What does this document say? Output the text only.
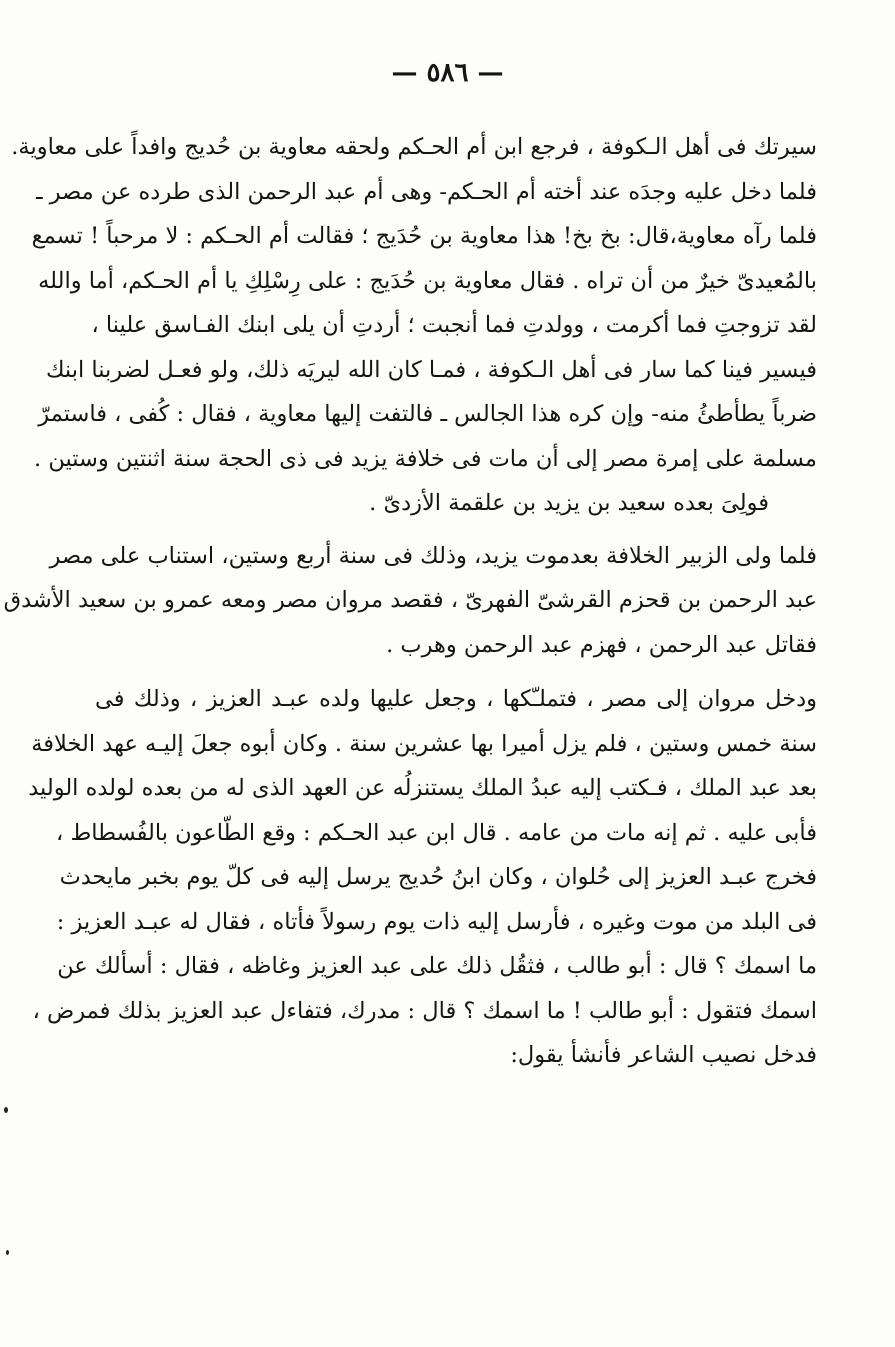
— ٥٨٦ —
سيرتك فى أهل الـكوفة ، فرجع ابن أم الحـكم ولحقه معاوية بن حُديج وافداً على معاوية.
فلما دخل عليه وجدَه عند أخته أم الحـكم- وهى أم عبد الرحمن الذى طرده عن مصر ـ
فلما رآه معاوية،قال: بخ بخ! هذا معاوية بن حُدَيج ؛ فقالت أم الحـكم : لا مرحباً ! تسمع
بالمُعيدىّ خيرٌ من أن تراه . فقال معاوية بن حُدَيج : على رِسْلِكِ يا أم الحـكم، أما والله
لقد تزوجتِ فما أكرمت ، وولدتِ فما أنجبت ؛ أردتِ أن يلى ابنك الفـاسق علينا ،
فيسير فينا كما سار فى أهل الـكوفة ، فمـا كان الله ليريَه ذلك، ولو فعـل لضربنا ابنك
ضرباً يطأطئُ منه- وإن كره هذا الجالس ـ فالتفت إليها معاوية ، فقال : كُفى ، فاستمرّ
مسلمة على إمرة مصر إلى أن مات فى خلافة يزيد فى ذى الحجة سنة اثنتين وستين .
فولِىَ بعده سعيد بن يزيد بن علقمة الأزدىّ .
فلما ولى الزبير الخلافة بعدموت يزيد، وذلك فى سنة أربع وستين، استناب على مصر
عبد الرحمن بن قحزم القرشىّ الفهرىّ ، فقصد مروان مصر ومعه عمرو بن سعيد الأشدق
فقاتل عبد الرحمن ، فهزم عبد الرحمن وهرب .
ودخل مروان إلى مصر ، فتملـّكها ، وجعل عليها ولده عبـد العزيز ، وذلك فى
سنة خمس وستين ، فلم يزل أميرا بها عشرين سنة . وكان أبوه جعلَ إليـه عهد الخلافة
بعد عبد الملك ، فـكتب إليه عبدُ الملك يستنزلُه عن العهد الذى له من بعده لولده الوليد
فأبى عليه . ثم إنه مات من عامه . قال ابن عبد الحـكم : وقع الطّاعون بالفُسطاط ،
فخرج عبـد العزيز إلى حُلوان ، وكان ابنُ حُديج يرسل إليه فى كلّ يوم بخبر مايحدث
فى البلد من موت وغيره ، فأرسل إليه ذات يوم رسولاً فأتاه ، فقال له عبـد العزيز :
ما اسمك ؟ قال : أبو طالب ، فثقُل ذلك على عبد العزيز وغاظه ، فقال : أسألك عن
اسمك فتقول : أبو طالب ! ما اسمك ؟ قال : مدرك، فتفاءل عبد العزيز بذلك فمرض ،
فدخل نصيب الشاعر فأنشأ يقول:
